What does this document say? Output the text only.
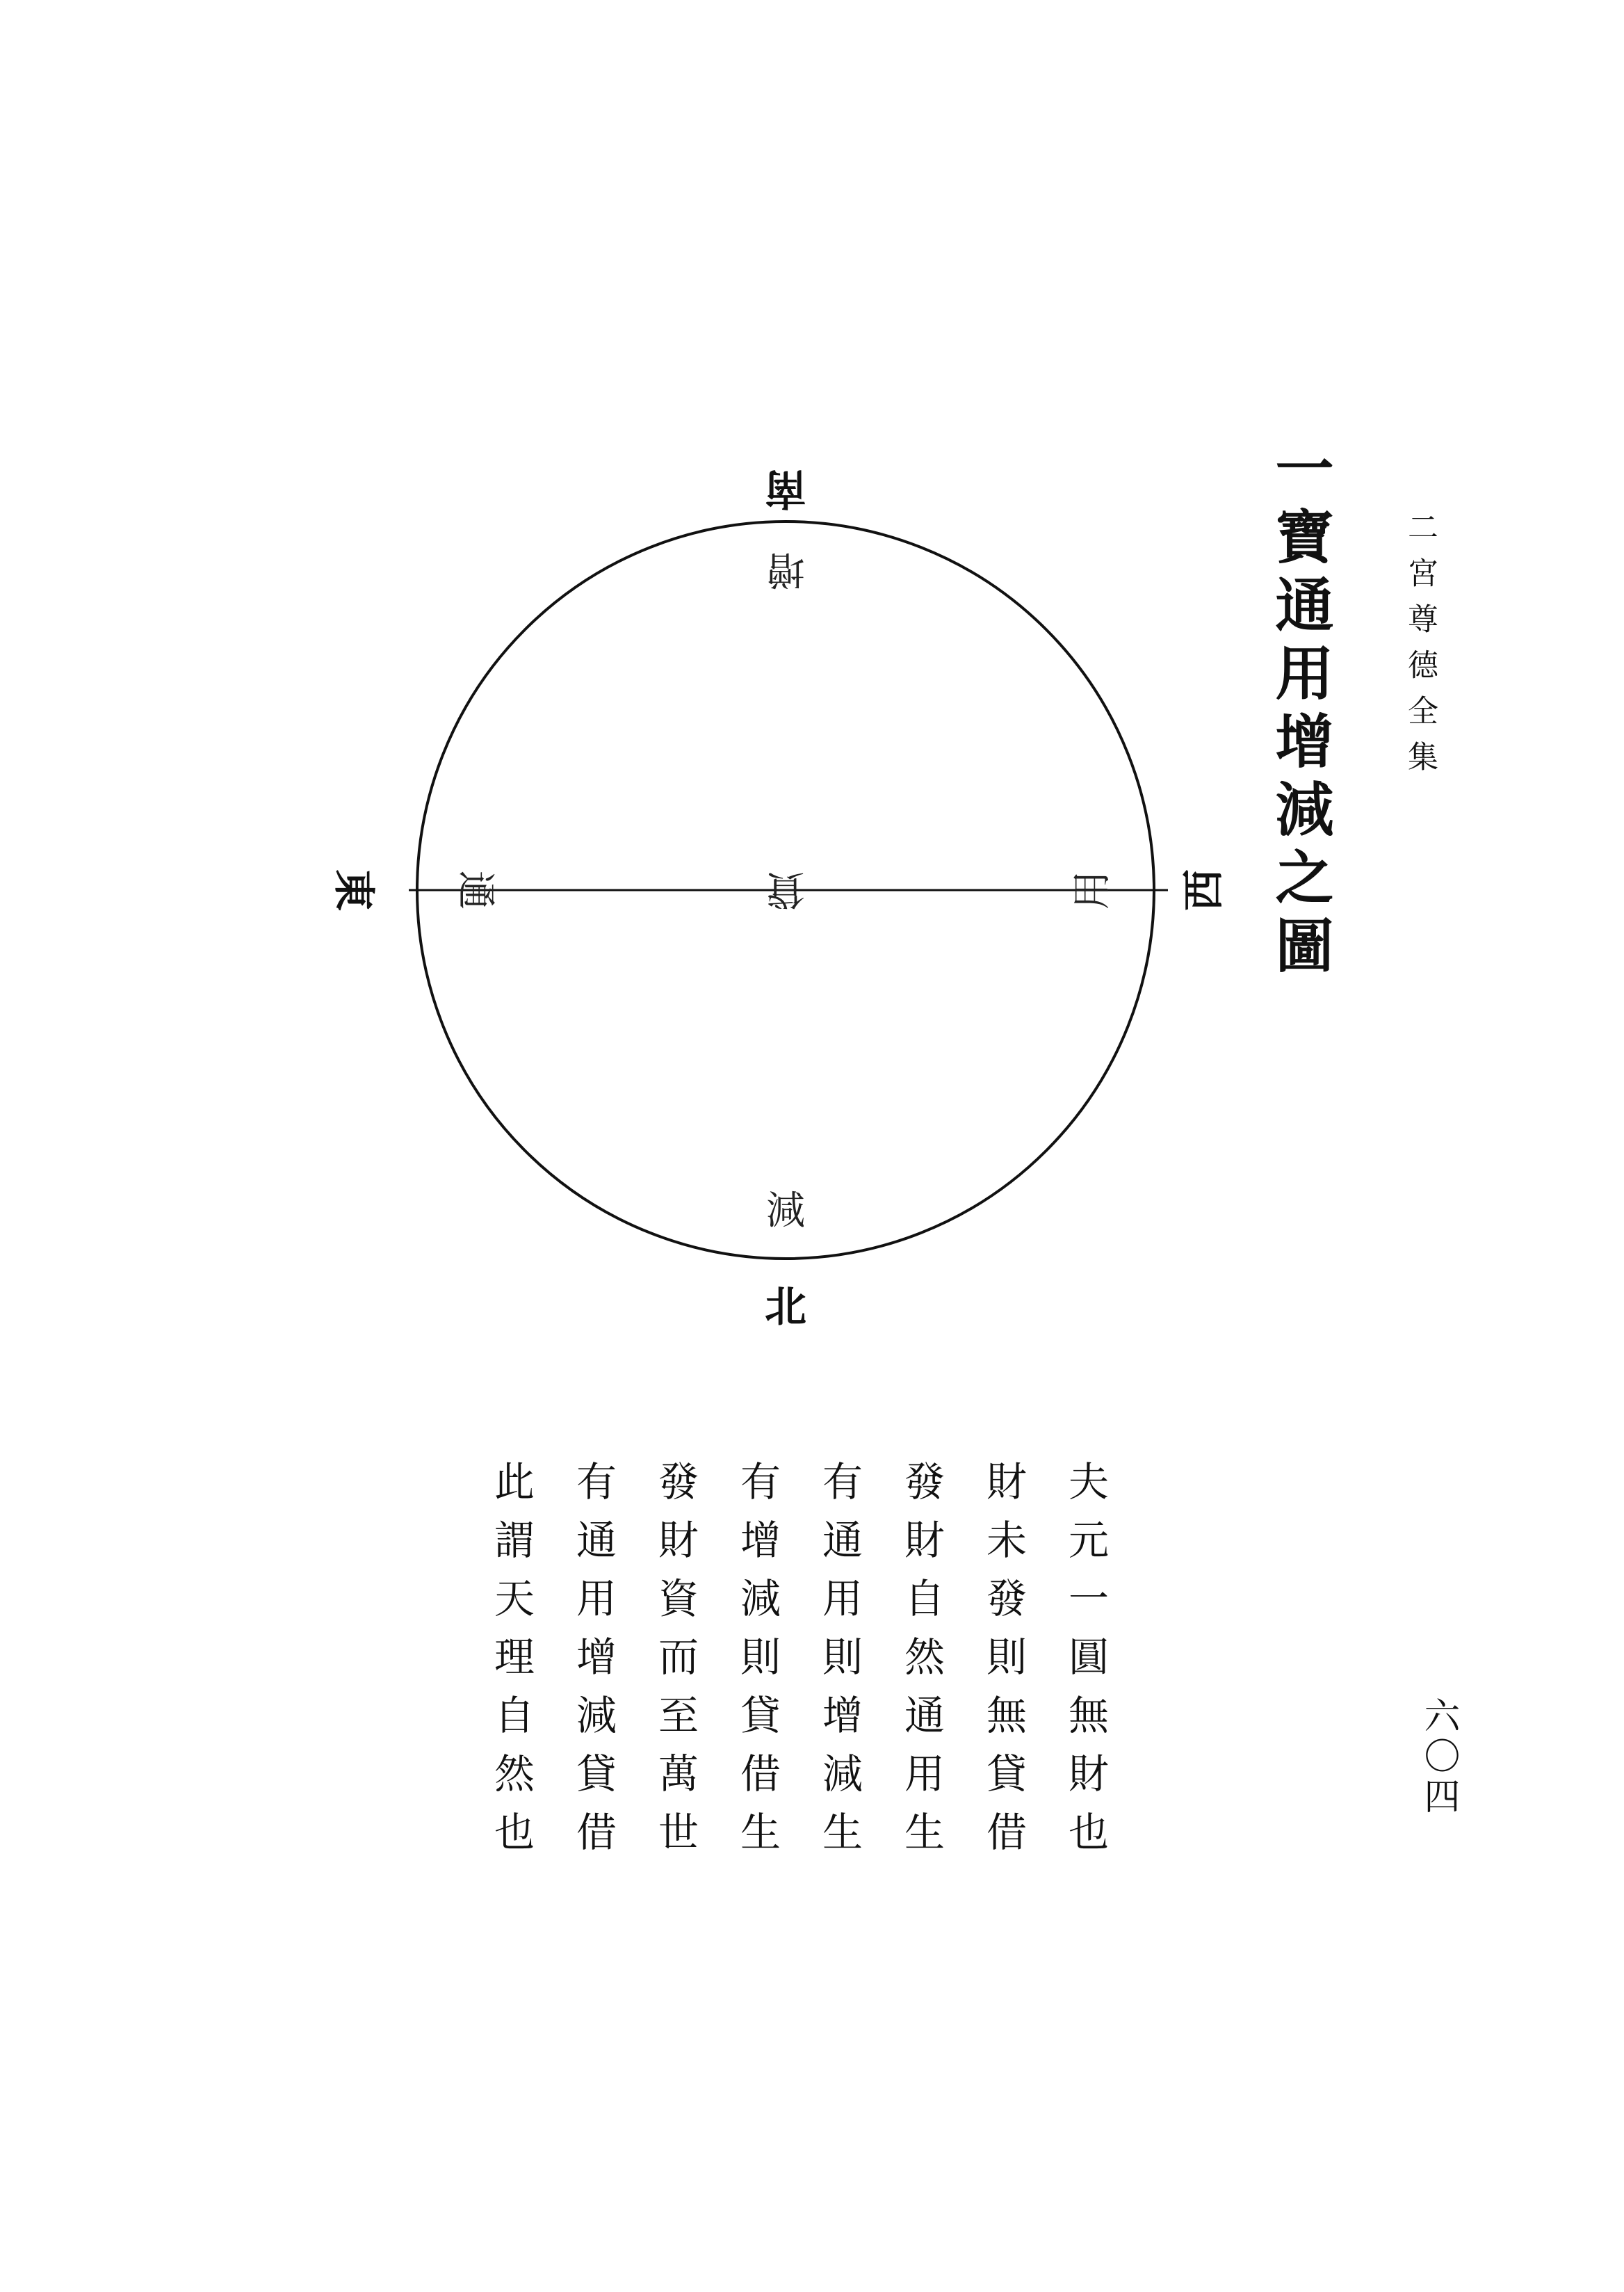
二宮尊德全集
六〇四
一寶通用增減之圖
南
北
東	西
增
減
通	貸	用
夫元一圓無財也
財未發則無貸借
發財自然通用生
有通用則增減生
有增減則貸借生
發財資而至萬世
有通用增減貸借
此謂天理自然也
